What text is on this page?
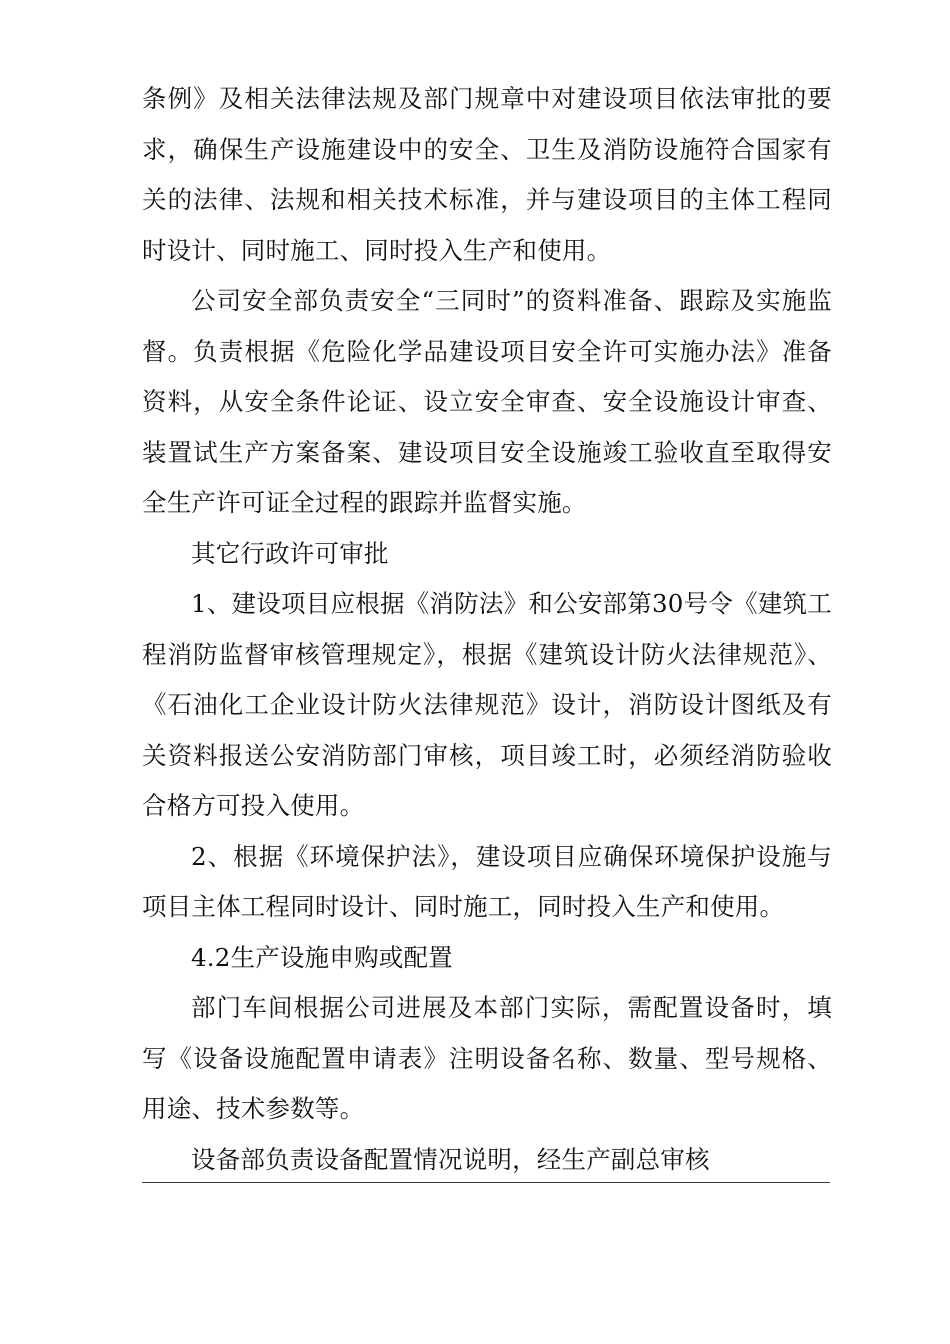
条例》及相关法律法规及部门规章中对建设项目依法审批的要求，确保生产设施建设中的安全、卫生及消防设施符合国家有关的法律、法规和相关技术标准，并与建设项目的主体工程同时设计、同时施工、同时投入生产和使用。

公司安全部负责安全“三同时”的资料准备、跟踪及实施监督。负责根据《危险化学品建设项目安全许可实施办法》准备资料，从安全条件论证、设立安全审查、安全设施设计审查、装置试生产方案备案、建设项目安全设施竣工验收直至取得安全生产许可证全过程的跟踪并监督实施。

其它行政许可审批

1、建设项目应根据《消防法》和公安部第30号令《建筑工程消防监督审核管理规定》，根据《建筑设计防火法律规范》、《石油化工企业设计防火法律规范》设计，消防设计图纸及有关资料报送公安消防部门审核，项目竣工时，必须经消防验收合格方可投入使用。

2、根据《环境保护法》，建设项目应确保环境保护设施与项目主体工程同时设计、同时施工，同时投入生产和使用。

4.2生产设施申购或配置

部门车间根据公司进展及本部门实际，需配置设备时，填写《设备设施配置申请表》注明设备名称、数量、型号规格、用途、技术参数等。

设备部负责设备配置情况说明，经生产副总审核
